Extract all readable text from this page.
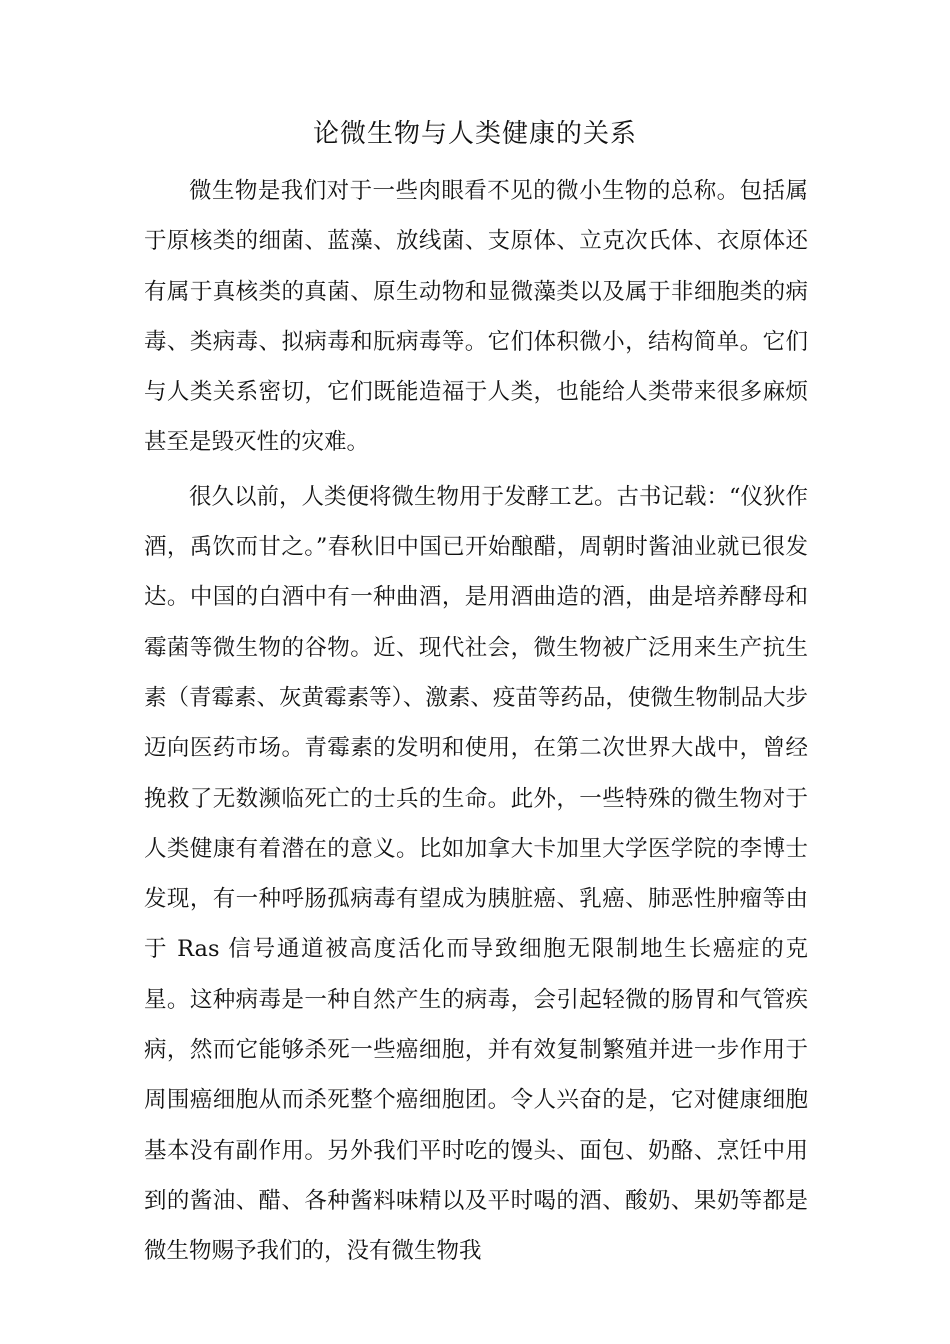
论微生物与人类健康的关系

微生物是我们对于一些肉眼看不见的微小生物的总称。包括属于原核类的细菌、蓝藻、放线菌、支原体、立克次氏体、衣原体还有属于真核类的真菌、原生动物和显微藻类以及属于非细胞类的病毒、类病毒、拟病毒和朊病毒等。它们体积微小，结构简单。它们与人类关系密切，它们既能造福于人类，也能给人类带来很多麻烦甚至是毁灭性的灾难。

很久以前，人类便将微生物用于发酵工艺。古书记载：“仪狄作酒，禹饮而甘之。”春秋旧中国已开始酿醋，周朝时酱油业就已很发达。中国的白酒中有一种曲酒，是用酒曲造的酒，曲是培养酵母和霉菌等微生物的谷物。近、现代社会，微生物被广泛用来生产抗生素（青霉素、灰黄霉素等）、激素、疫苗等药品，使微生物制品大步迈向医药市场。青霉素的发明和使用，在第二次世界大战中，曾经挽救了无数濒临死亡的士兵的生命。此外，一些特殊的微生物对于人类健康有着潜在的意义。比如加拿大卡加里大学医学院的李博士发现，有一种呼肠孤病毒有望成为胰脏癌、乳癌、肺恶性肿瘤等由于 Ras 信号通道被高度活化而导致细胞无限制地生长癌症的克星。这种病毒是一种自然产生的病毒，会引起轻微的肠胃和气管疾病，然而它能够杀死一些癌细胞，并有效复制繁殖并进一步作用于周围癌细胞从而杀死整个癌细胞团。令人兴奋的是，它对健康细胞基本没有副作用。另外我们平时吃的馒头、面包、奶酪、烹饪中用到的酱油、醋、各种酱料味精以及平时喝的酒、酸奶、果奶等都是微生物赐予我们的，没有微生物我
